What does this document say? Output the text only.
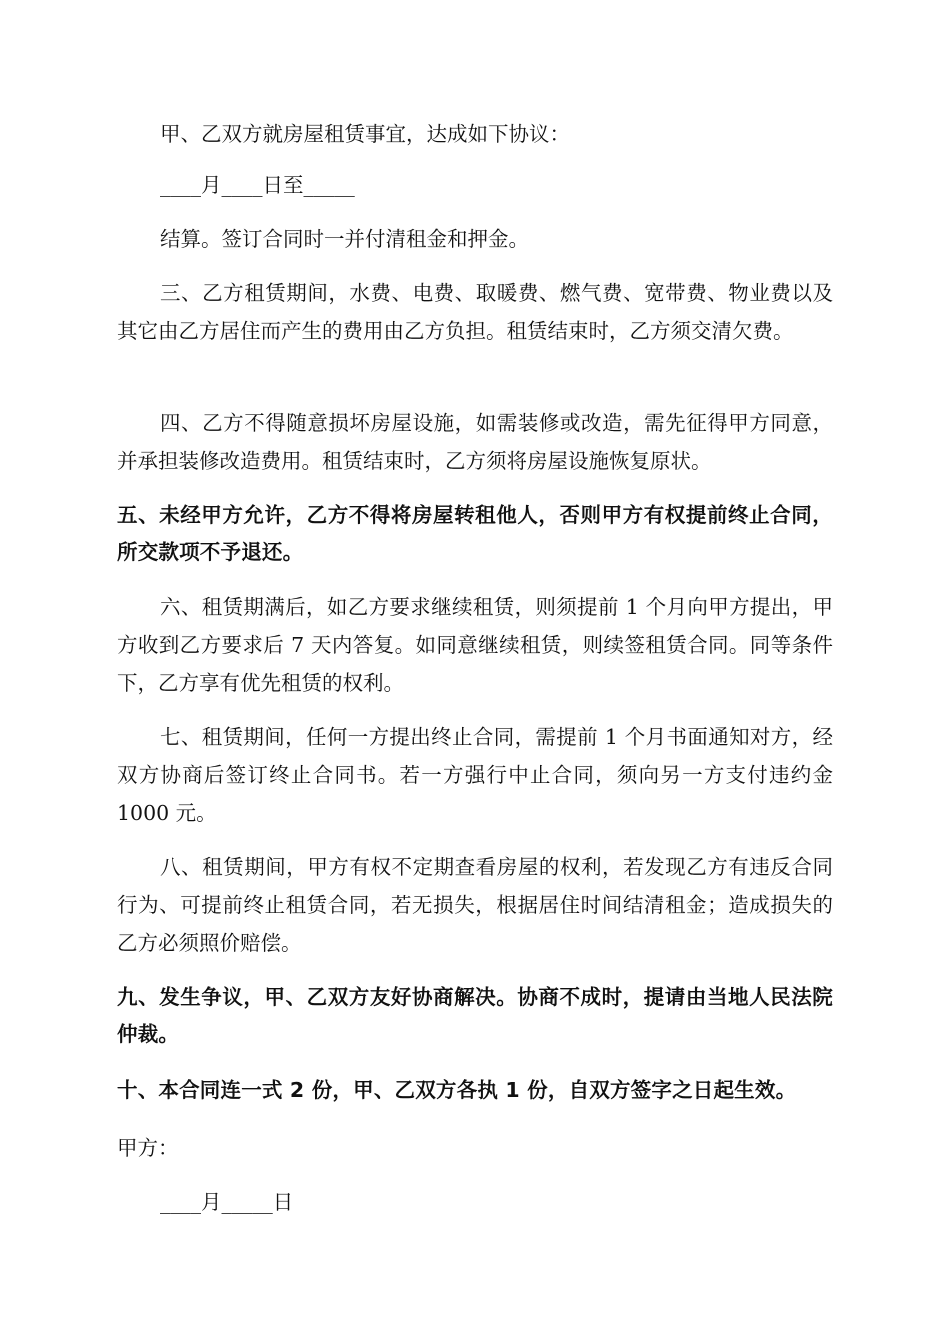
甲、乙双方就房屋租赁事宜，达成如下协议：

____月____日至_____

结算。签订合同时一并付清租金和押金。

三、乙方租赁期间，水费、电费、取暖费、燃气费、宽带费、物业费以及其它由乙方居住而产生的费用由乙方负担。租赁结束时，乙方须交清欠费。

四、乙方不得随意损坏房屋设施，如需装修或改造，需先征得甲方同意，并承担装修改造费用。租赁结束时，乙方须将房屋设施恢复原状。

五、未经甲方允许，乙方不得将房屋转租他人，否则甲方有权提前终止合同，所交款项不予退还。

六、租赁期满后，如乙方要求继续租赁，则须提前 1 个月向甲方提出，甲方收到乙方要求后 7 天内答复。如同意继续租赁，则续签租赁合同。同等条件下，乙方享有优先租赁的权利。

七、租赁期间，任何一方提出终止合同，需提前 1 个月书面通知对方，经双方协商后签订终止合同书。若一方强行中止合同，须向另一方支付违约金 1000 元。

八、租赁期间，甲方有权不定期查看房屋的权利，若发现乙方有违反合同行为、可提前终止租赁合同，若无损失，根据居住时间结清租金；造成损失的乙方必须照价赔偿。

九、发生争议，甲、乙双方友好协商解决。协商不成时，提请由当地人民法院仲裁。

十、本合同连一式 2 份，甲、乙双方各执 1 份，自双方签字之日起生效。

甲方：

____月_____日
